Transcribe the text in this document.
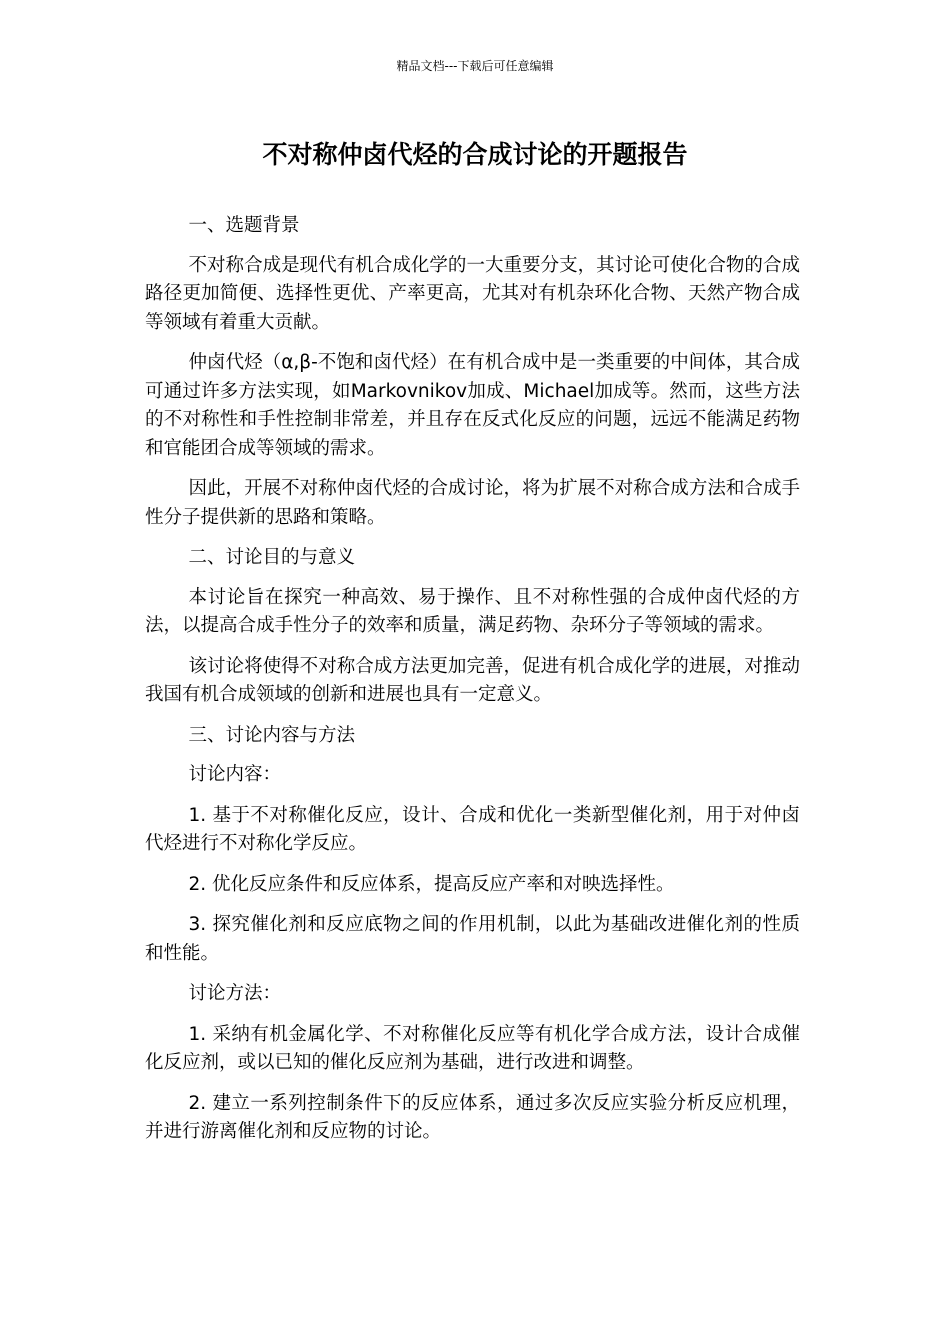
精品文档---下载后可任意编辑
不对称仲卤代烃的合成讨论的开题报告

一、选题背景

不对称合成是现代有机合成化学的一大重要分支，其讨论可使化合物的合成路径更加简便、选择性更优、产率更高，尤其对有机杂环化合物、天然产物合成等领域有着重大贡献。

仲卤代烃（α,β-不饱和卤代烃）在有机合成中是一类重要的中间体，其合成可通过许多方法实现，如Markovnikov加成、Michael加成等。然而，这些方法的不对称性和手性控制非常差，并且存在反式化反应的问题，远远不能满足药物和官能团合成等领域的需求。

因此，开展不对称仲卤代烃的合成讨论，将为扩展不对称合成方法和合成手性分子提供新的思路和策略。

二、讨论目的与意义

本讨论旨在探究一种高效、易于操作、且不对称性强的合成仲卤代烃的方法，以提高合成手性分子的效率和质量，满足药物、杂环分子等领域的需求。

该讨论将使得不对称合成方法更加完善，促进有机合成化学的进展，对推动我国有机合成领域的创新和进展也具有一定意义。

三、讨论内容与方法

讨论内容：

1. 基于不对称催化反应，设计、合成和优化一类新型催化剂，用于对仲卤代烃进行不对称化学反应。

2. 优化反应条件和反应体系，提高反应产率和对映选择性。

3. 探究催化剂和反应底物之间的作用机制，以此为基础改进催化剂的性质和性能。

讨论方法：

1. 采纳有机金属化学、不对称催化反应等有机化学合成方法，设计合成催化反应剂，或以已知的催化反应剂为基础，进行改进和调整。

2. 建立一系列控制条件下的反应体系，通过多次反应实验分析反应机理，并进行游离催化剂和反应物的讨论。
